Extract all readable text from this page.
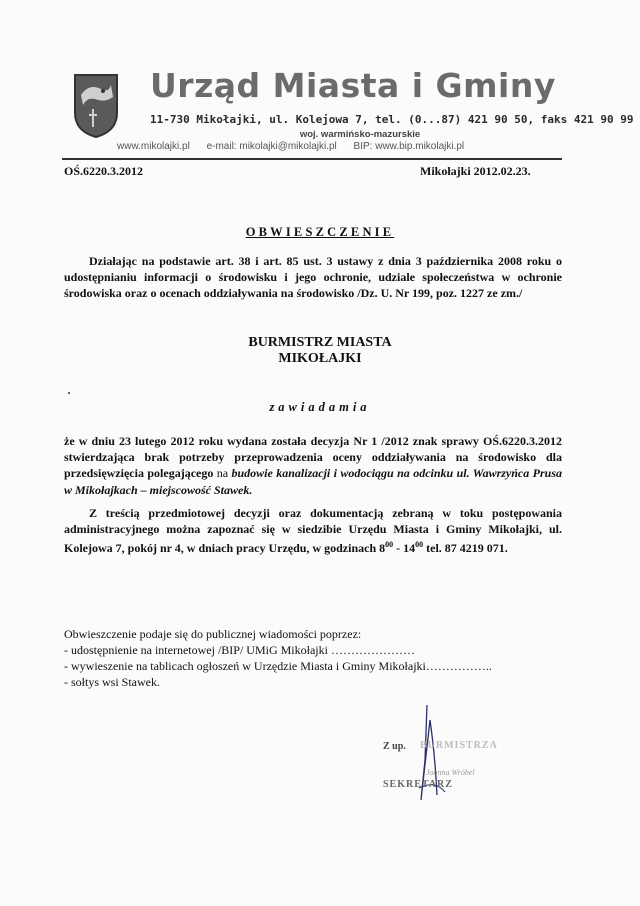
Urząd Miasta i Gminy
11-730 Mikołajki, ul. Kolejowa 7, tel. (0...87) 421 90 50, faks 421 90 99
woj. warmińsko-mazurskie
www.mikolajki.pl e-mail: mikolajki@mikolajki.pl BIP: www.bip.mikolajki.pl
OŚ.6220.3.2012	Mikołajki 2012.02.23.
OBWIESZCZENIE
Działając na podstawie art. 38 i art. 85 ust. 3 ustawy z dnia 3 października 2008 roku o udostępnianiu informacji o środowisku i jego ochronie, udziale społeczeństwa w ochronie środowiska oraz o ocenach oddziaływania na środowisko /Dz. U. Nr 199, poz. 1227 ze zm./
BURMISTRZ MIASTA
MIKOŁAJKI
zawiadamia
że w dniu 23 lutego 2012 roku wydana została decyzja Nr 1 /2012 znak sprawy OŚ.6220.3.2012 stwierdzająca brak potrzeby przeprowadzenia oceny oddziaływania na środowisko dla przedsięwzięcia polegającego na budowie kanalizacji i wodociągu na odcinku ul. Wawrzyńca Prusa w Mikołajkach – miejscowość Stawek.
Z treścią przedmiotowej decyzji oraz dokumentacją zebraną w toku postępowania administracyjnego można zapoznać się w siedzibie Urzędu Miasta i Gminy Mikołajki, ul. Kolejowa 7, pokój nr 4, w dniach pracy Urzędu, w godzinach $8^{00} - 14^{00}$ tel. 87 4219 071.
Obwieszczenie podaje się do publicznej wiadomości poprzez:
- udostępnienie na internetowej /BIP/ UMiG Mikołajki …………………
- wywieszenie na tablicach ogłoszeń w Urzędzie Miasta i Gminy Mikołajki……………..
- sołtys wsi Stawek.
Z up. BURMISTRZA
Joanna Wróbel
SEKRETARZ
